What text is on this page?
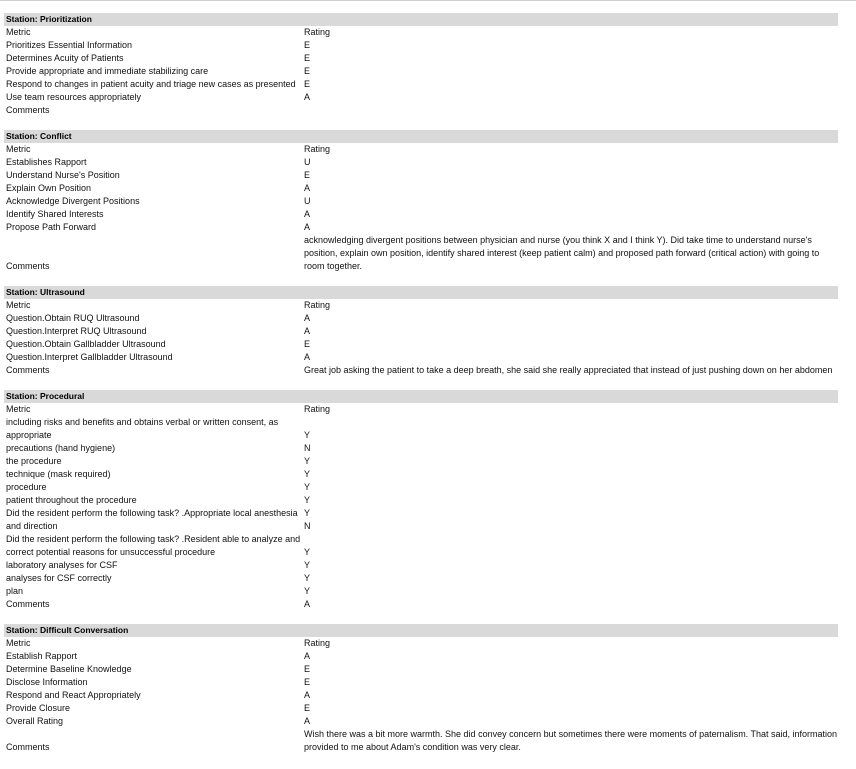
Station: Prioritization
Metric	Rating
Prioritizes Essential Information	E
Determines Acuity of Patients	E
Provide appropriate and immediate stabilizing care	E
Respond to changes in patient acuity and triage new cases as presented E
Use team resources appropriately	A
Comments
Station: Conflict
Metric	Rating
Establishes Rapport	U
Understand Nurse's Position	E
Explain Own Position	A
Acknowledge Divergent Positions	U
Identify Shared Interests	A
Propose Path Forward	A
Comments
acknowledging divergent positions between physician and nurse (you think X and I think Y). Did take time to understand nurse's position, explain own position, identify shared interest (keep patient calm) and proposed path forward (critical action) with going to room together.
Station: Ultrasound
Metric	Rating
Question.Obtain RUQ Ultrasound	A
Question.Interpret RUQ Ultrasound	A
Question.Obtain Gallbladder Ultrasound	E
Question.Interpret Gallbladder Ultrasound	A
Comments	Great job asking the patient to take a deep breath, she said she really appreciated that instead of just pushing down on her abdomen
Station: Procedural
Metric	Rating
including risks and benefits and obtains verbal or written consent, as appropriate	Y
precautions (hand hygiene)	N
the procedure	Y
technique (mask required)	Y
procedure	Y
patient throughout the procedure	Y
Did the resident perform the following task? .Appropriate local anesthesia Y
and direction	N
Did the resident perform the following task? .Resident able to analyze and correct potential reasons for unsuccessful procedure	Y
laboratory analyses for CSF	Y
analyses for CSF correctly	Y
plan	Y
Comments	A
Station: Difficult Conversation
Metric	Rating
Establish Rapport	A
Determine Baseline Knowledge	E
Disclose Information	E
Respond and React Appropriately	A
Provide Closure	E
Overall Rating	A
Comments
Wish there was a bit more warmth. She did convey concern but sometimes there were moments of paternalism. That said, information provided to me about Adam's condition was very clear.
